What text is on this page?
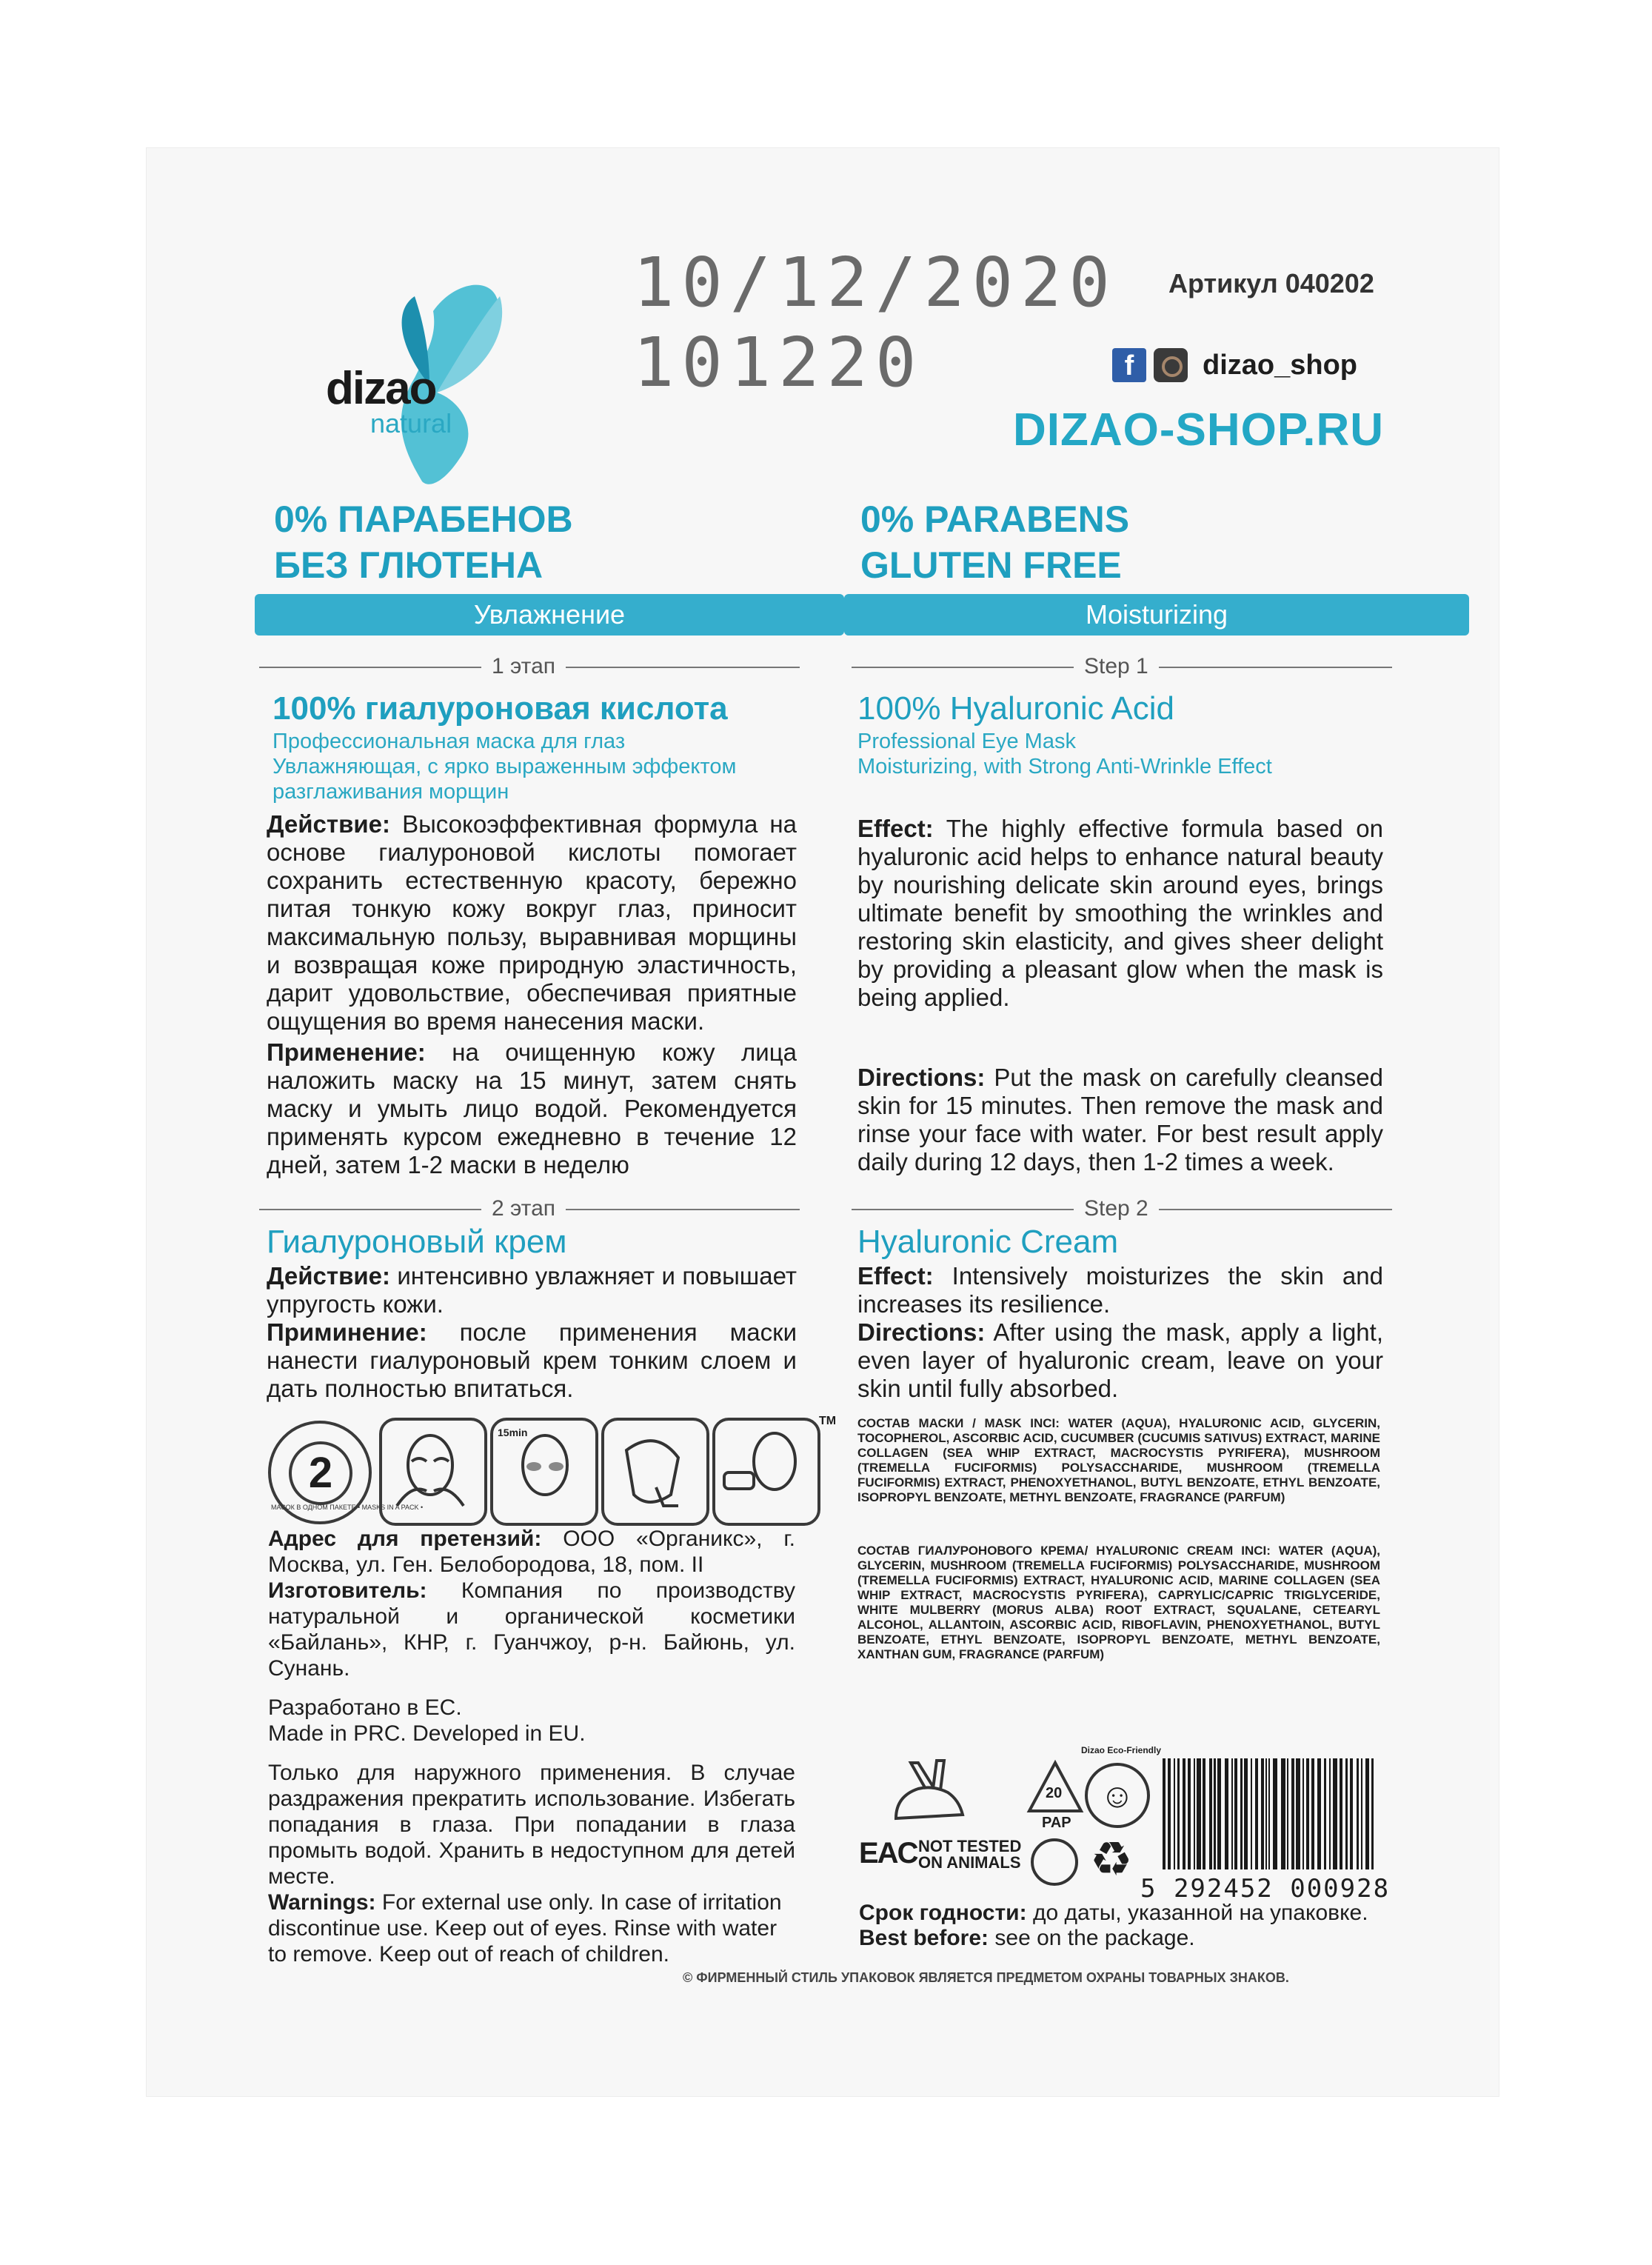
dizao
natural
10/12/2020
101220
Артикул 040202
f	dizao_shop
DIZAO-SHOP.RU
0% ПАРАБЕНОВ
БЕЗ ГЛЮТЕНА
0% PARABENS
GLUTEN FREE
Увлажнение	Moisturizing
1 этап	Step 1
100% гиалуроновая кислота
Профессиональная маска для глаз
Увлажняющая, с ярко выраженным эффектом
разглаживания морщин
Действие: Высокоэффективная формула на основе гиалуроновой кислоты помогает сохранить естественную красоту, бережно питая тонкую кожу вокруг глаз, приносит максимальную пользу, выравнивая морщины и возвращая коже природную эластичность, дарит удовольствие, обеспечивая приятные ощущения во время нанесения маски.
Применение: на очищенную кожу лица наложить маску на 15 минут, затем снять маску и умыть лицо водой. Рекомендуется применять курсом ежедневно в течение 12 дней, затем 1-2 маски в неделю
100% Hyaluronic Acid
Professional Eye Mask
Moisturizing, with Strong Anti-Wrinkle Effect
Effect: The highly effective formula based on hyaluronic acid helps to enhance natural beauty by nourishing delicate skin around eyes, brings ultimate benefit by smoothing the wrinkles and restoring skin elasticity, and gives sheer delight by providing a pleasant glow when the mask is being applied.
Directions: Put the mask on carefully cleansed skin for 15 minutes. Then remove the mask and rinse your face with water. For best result apply daily during 12 days, then 1-2 times a week.
2 этап	Step 2
Гиалуроновый крем
Действие: интенсивно увлажняет и повышает упругость кожи.
Приминение: после применения маски нанести гиалуроновый крем тонким слоем и дать полностью впитаться.
Hyaluronic Cream
Effect: Intensively moisturizes the skin and increases its resilience.
Directions: After using the mask, apply a light, even layer of hyaluronic cream, leave on your skin until fully absorbed.
2
МАСОК В ОДНОМ ПАКЕТЕ • MASKS IN A PACK •
15min
TM СОСТАВ МАСКИ / MASK INCI: WATER (AQUA), HYALURONIC ACID, GLYCERIN, TOCOPHEROL, ASCORBIC ACID, CUCUMBER (CUCUMIS SATIVUS) EXTRACT, MARINE COLLAGEN (SEA WHIP EXTRACT, MACROCYSTIS PYRIFERA), MUSHROOM (TREMELLA FUCIFORMIS) POLYSACCHARIDE, MUSHROOM (TREMELLA FUCIFORMIS) EXTRACT, PHENOXYETHANOL, BUTYL BENZOATE, ETHYL BENZOATE, ISOPROPYL BENZOATE, METHYL BENZOATE, FRAGRANCE (PARFUM)
СОСТАВ ГИАЛУРОНОВОГО КРЕМА/ HYALURONIC CREAM INCI: WATER (AQUA), GLYCERIN, MUSHROOM (TREMELLA FUCIFORMIS) POLYSACCHARIDE, MUSHROOM (TREMELLA FUCIFORMIS) EXTRACT, HYALURONIC ACID, MARINE COLLAGEN (SEA WHIP EXTRACT, MACROCYSTIS PYRIFERA), CAPRYLIC/CAPRIC TRIGLYCERIDE, WHITE MULBERRY (MORUS ALBA) ROOT EXTRACT, SQUALANE, CETEARYL ALCOHOL, ALLANTOIN, ASCORBIC ACID, RIBOFLAVIN, PHENOXYETHANOL, BUTYL BENZOATE, ETHYL BENZOATE, ISOPROPYL BENZOATE, METHYL BENZOATE, XANTHAN GUM, FRAGRANCE (PARFUM)
Адрес для претензий: ООО «Органикс», г. Москва, ул. Ген. Белобородова, 18, пом. II
Изготовитель: Компания по производству натуральной и органической косметики «Байлань», КНР, г. Гуанчжоу, р-н. Байюнь, ул. Сунань.
Разработано в ЕС.
Made in PRC. Developed in EU.
Только для наружного применения. В случае раздражения прекратить использование. Избегать попадания в глаза. При попадании в глаза промыть водой. Хранить в недоступном для детей месте.
Warnings: For external use only. In case of irritation discontinue use. Keep out of eyes. Rinse with water to remove. Keep out of reach of children.
EAC NOT TESTED
ON ANIMALS
20
PAP
☺
Dizao Eco-Friendly
♻
5 292452 000928
Срок годности: до даты, указанной на упаковке.
Best before: see on the package.
© ФИРМЕННЫЙ СТИЛЬ УПАКОВОК ЯВЛЯЕТСЯ ПРЕДМЕТОМ ОХРАНЫ ТОВАРНЫХ ЗНАКОВ.
